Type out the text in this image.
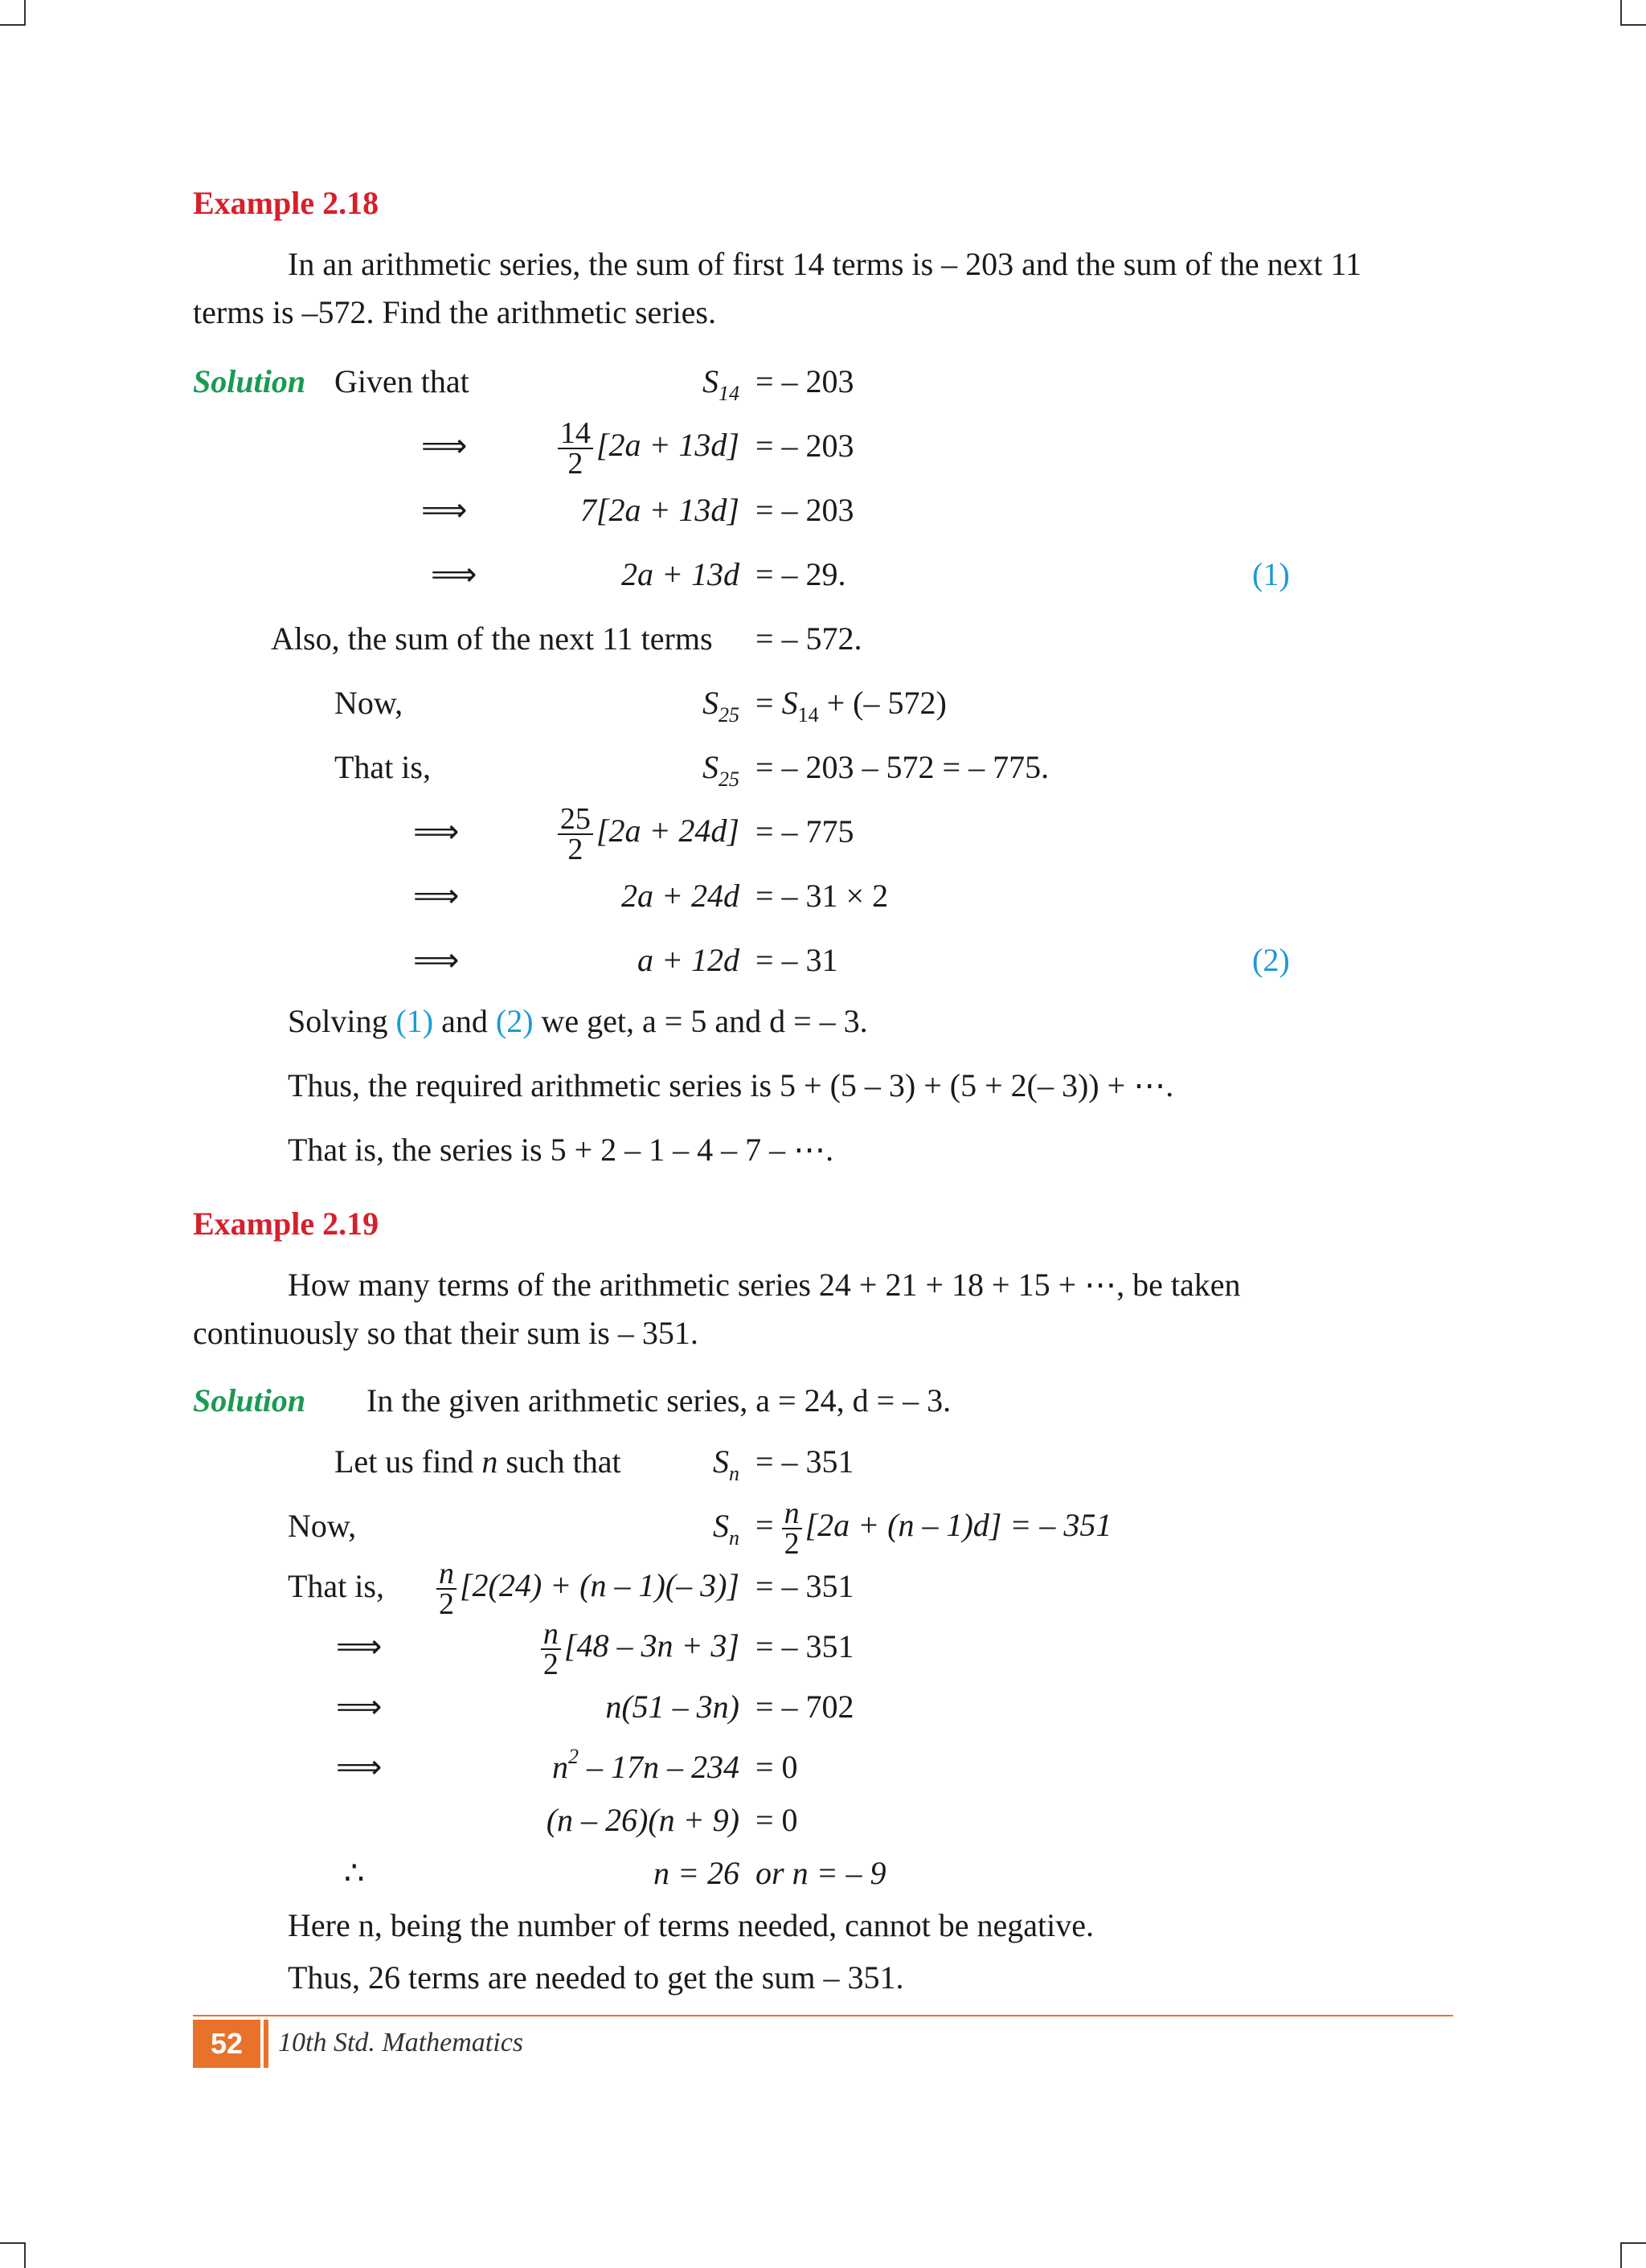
Example 2.18
In an arithmetic series, the sum of first 14 terms is – 203 and the sum of the next 11
terms is –572. Find the arithmetic series.
Solution Given that	$S_{14}$ = – 203
⟹	$\frac{14}{2} [2a + 13d]$ = – 203
⟹	7[2a + 13d] = – 203
⟹	2a + 13d = – 29.	(1)
Also, the sum of the next 11 terms = – 572.
Now,	$S_{25} = S_{14}$ + (– 572)
That is,	$S_{25}$ = – 203 – 572 = – 775.
⟹	$\frac{25}{2} [2a + 24d]$ = – 775
⟹	2a + 24d = – 31 × 2
⟹	a + 12d = – 31	(2)
Solving (1) and (2) we get, a = 5 and d = – 3.
Thus, the required arithmetic series is 5 + (5 – 3) + (5 + 2(– 3)) + ⋯.
That is, the series is 5 + 2 – 1 – 4 – 7 – ⋯.
Example 2.19
How many terms of the arithmetic series 24 + 21 + 18 + 15 + ⋯, be taken
continuously so that their sum is – 351.
Solution In the given arithmetic series, a = 24, d = – 3.
Let us find n such that	$S_n$ = – 351
Now,	$S_n = \frac{n}{2} [2a + (n - 1)d]$ = – 351
That is, $\frac{n}{2} [2(24) + (n - 1)(-$ 3)] = – 351
⟹	$\frac{n}{2} [48 - 3n + 3]$ = – 351
⟹	n(51 – 3n) = – 702
⟹	$n^2 - 17n - 234 = 0$
(n – 26)(n + 9) = 0
∴	n = 26 or n = – 9
Here n, being the number of terms needed, cannot be negative.
Thus, 26 terms are needed to get the sum – 351.
52	10th Std. Mathematics
